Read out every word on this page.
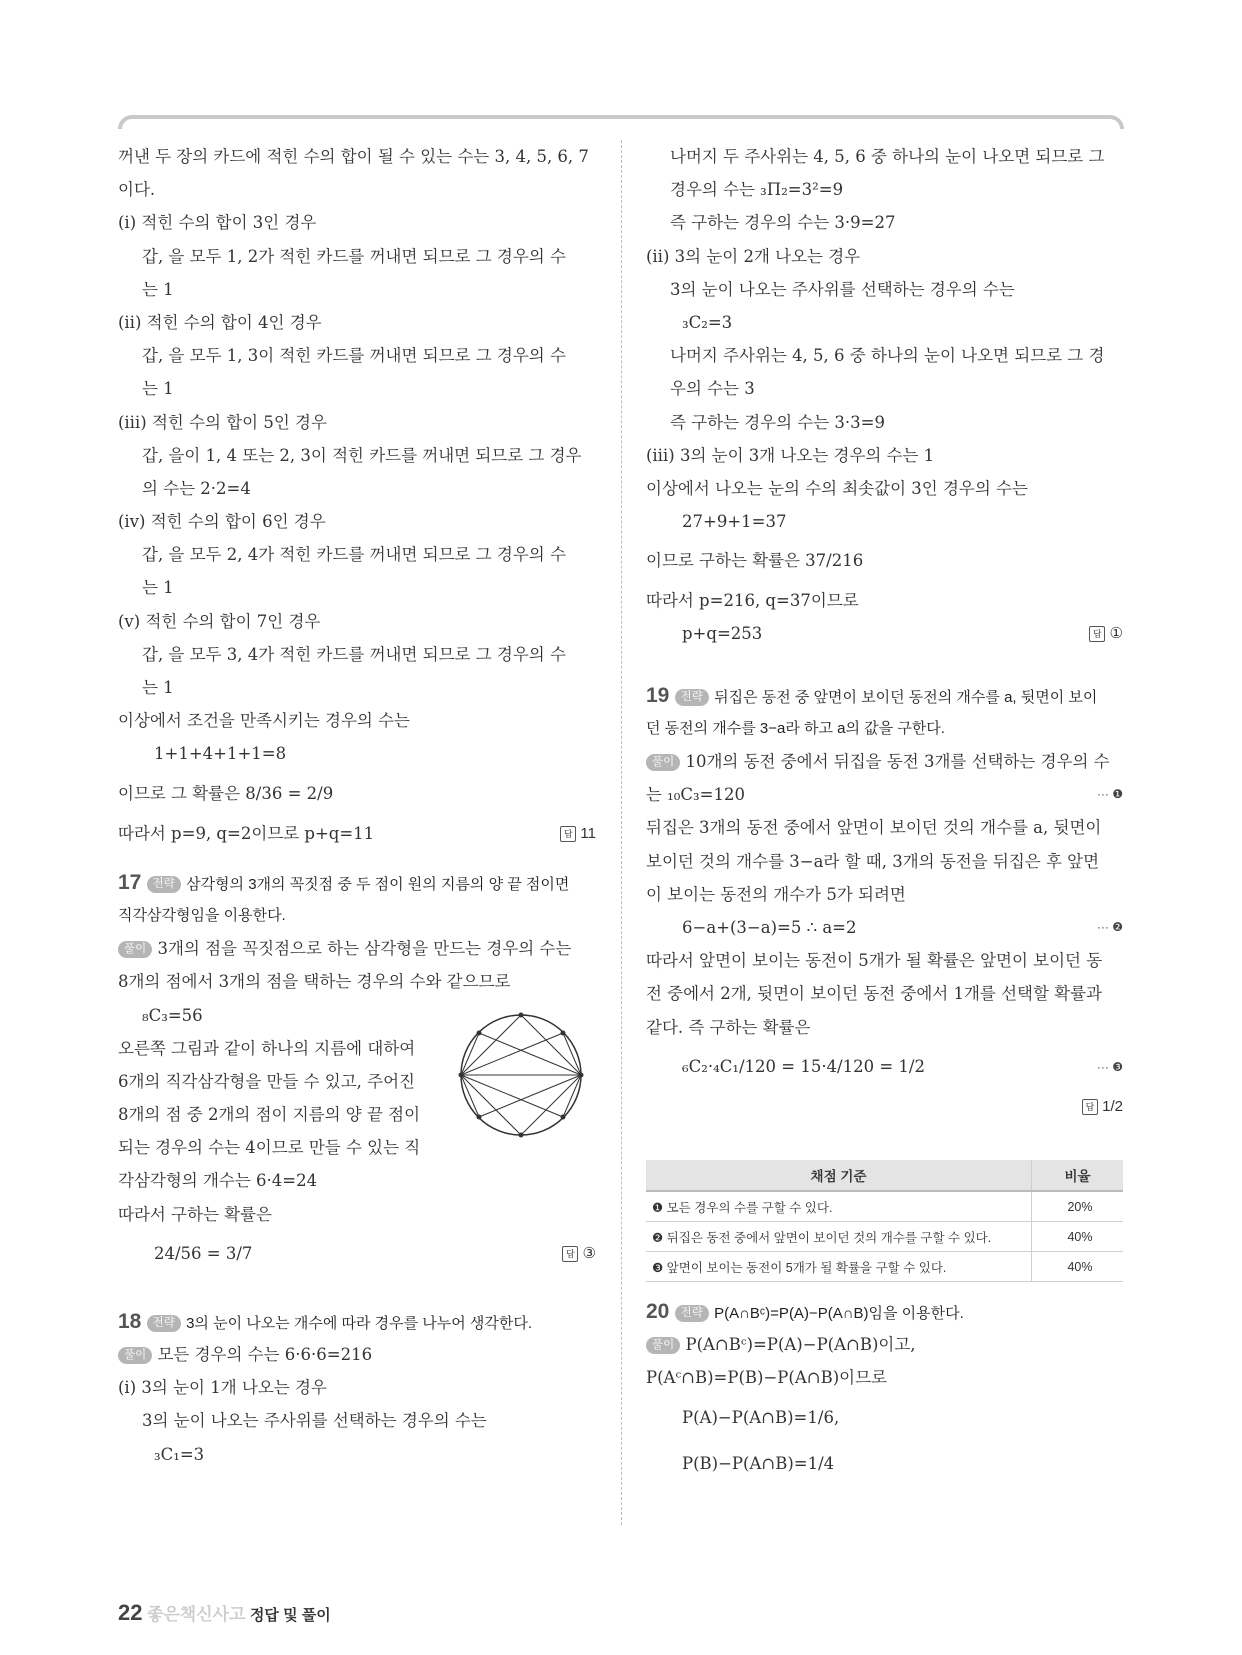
꺼낸 두 장의 카드에 적힌 수의 합이 될 수 있는 수는 3, 4, 5, 6, 7
이다.
(ⅰ) 적힌 수의 합이 3인 경우
갑, 을 모두 1, 2가 적힌 카드를 꺼내면 되므로 그 경우의 수
는 1
(ⅱ) 적힌 수의 합이 4인 경우
갑, 을 모두 1, 3이 적힌 카드를 꺼내면 되므로 그 경우의 수
는 1
(ⅲ) 적힌 수의 합이 5인 경우
갑, 을이 1, 4 또는 2, 3이 적힌 카드를 꺼내면 되므로 그 경우
의 수는 2·2=4
(ⅳ) 적힌 수의 합이 6인 경우
갑, 을 모두 2, 4가 적힌 카드를 꺼내면 되므로 그 경우의 수
는 1
(ⅴ) 적힌 수의 합이 7인 경우
갑, 을 모두 3, 4가 적힌 카드를 꺼내면 되므로 그 경우의 수
는 1
이상에서 조건을 만족시키는 경우의 수는
1+1+4+1+1=8
이므로 그 확률은 8/36 = 2/9
따라서 p=9, q=2이므로 p+q=11	답 11
17 전략 삼각형의 3개의 꼭짓점 중 두 점이 원의 지름의 양 끝 점이면
직각삼각형임을 이용한다.
풀이 3개의 점을 꼭짓점으로 하는 삼각형을 만드는 경우의 수는
8개의 점에서 3개의 점을 택하는 경우의 수와 같으므로
₈C₃=56
오른쪽 그림과 같이 하나의 지름에 대하여
6개의 직각삼각형을 만들 수 있고, 주어진
8개의 점 중 2개의 점이 지름의 양 끝 점이
되는 경우의 수는 4이므로 만들 수 있는 직
각삼각형의 개수는 6·4=24
따라서 구하는 확률은
24/56 = 3/7	답 ③
18 전략 3의 눈이 나오는 개수에 따라 경우를 나누어 생각한다.
풀이 모든 경우의 수는 6·6·6=216
(ⅰ) 3의 눈이 1개 나오는 경우
3의 눈이 나오는 주사위를 선택하는 경우의 수는
₃C₁=3
나머지 두 주사위는 4, 5, 6 중 하나의 눈이 나오면 되므로 그
경우의 수는 ₃Π₂=3²=9
즉 구하는 경우의 수는 3·9=27
(ⅱ) 3의 눈이 2개 나오는 경우
3의 눈이 나오는 주사위를 선택하는 경우의 수는
₃C₂=3
나머지 주사위는 4, 5, 6 중 하나의 눈이 나오면 되므로 그 경
우의 수는 3
즉 구하는 경우의 수는 3·3=9
(ⅲ) 3의 눈이 3개 나오는 경우의 수는 1
이상에서 나오는 눈의 수의 최솟값이 3인 경우의 수는
27+9+1=37
이므로 구하는 확률은 37/216
따라서 p=216, q=37이므로
p+q=253	답 ①
19 전략 뒤집은 동전 중 앞면이 보이던 동전의 개수를 a, 뒷면이 보이
던 동전의 개수를 3−a라 하고 a의 값을 구한다.
풀이 10개의 동전 중에서 뒤집을 동전 3개를 선택하는 경우의 수
는 ₁₀C₃=120	··· ❶
뒤집은 3개의 동전 중에서 앞면이 보이던 것의 개수를 a, 뒷면이
보이던 것의 개수를 3−a라 할 때, 3개의 동전을 뒤집은 후 앞면
이 보이는 동전의 개수가 5가 되려면
6−a+(3−a)=5 ∴ a=2	··· ❷
따라서 앞면이 보이는 동전이 5개가 될 확률은 앞면이 보이던 동
전 중에서 2개, 뒷면이 보이던 동전 중에서 1개를 선택할 확률과
같다. 즉 구하는 확률은
₆C₂·₄C₁/120 = 15·4/120 = 1/2	··· ❸
답 1/2
채점 기준	비율
❶ 모든 경우의 수를 구할 수 있다.	20%
❷ 뒤집은 동전 중에서 앞면이 보이던 것의 개수를 구할 수 있다.	40%
❸ 앞면이 보이는 동전이 5개가 될 확률을 구할 수 있다.	40%
20 전략 P(A∩Bᶜ)=P(A)−P(A∩B)임을 이용한다.
풀이 P(A∩Bᶜ)=P(A)−P(A∩B)이고,
P(Aᶜ∩B)=P(B)−P(A∩B)이므로
P(A)−P(A∩B)=1/6,
P(B)−P(A∩B)=1/4
22 좋은책신사고 정답 및 풀이
